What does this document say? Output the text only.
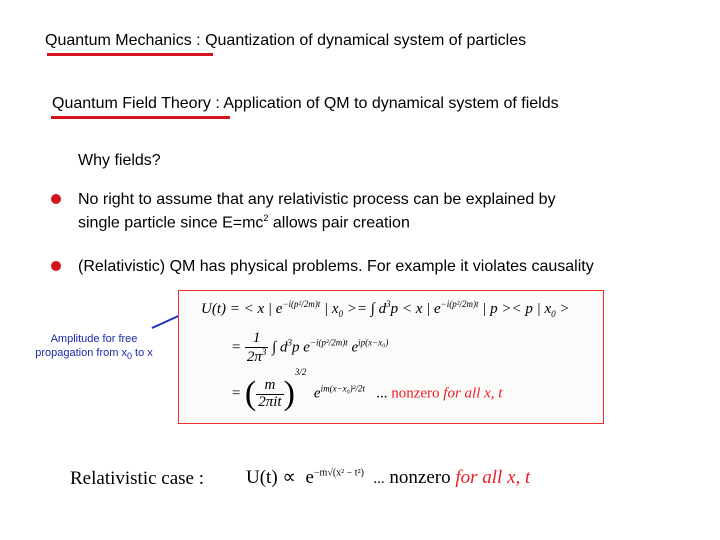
Quantum Mechanics : Quantization of dynamical system of particles
Quantum Field Theory : Application of QM to dynamical system of fields
Why fields?
No right to assume that any relativistic process can be explained by
single particle since $E=mc^2$ allows pair creation
(Relativistic) QM has physical problems. For example it violates causality
Amplitude for free
propagation from $x_0$ to x
U(t) = < x | $e^{-i(p^2/2m)t}$ | $x_0$ >= ∫ $d^3p < x$ | $e^{-i(p^2/2m)t}$ | p >< p | $x_0$ >
= $\frac{1}{2\pi^3}$ ∫ $d^3p$ $e^{-i(p^2/2m)t}$ $e^{ip(x-x_0)}$
= ( $\frac{m}{\text{2πit}} )^{3/2}$  $e^{im(x-x_0)^2/2t}$ ... nonzero for all x, t
Relativistic case : $U(t) \propto e^{-m√(x^2 - t^2)}$ ... nonzero for all x, t
